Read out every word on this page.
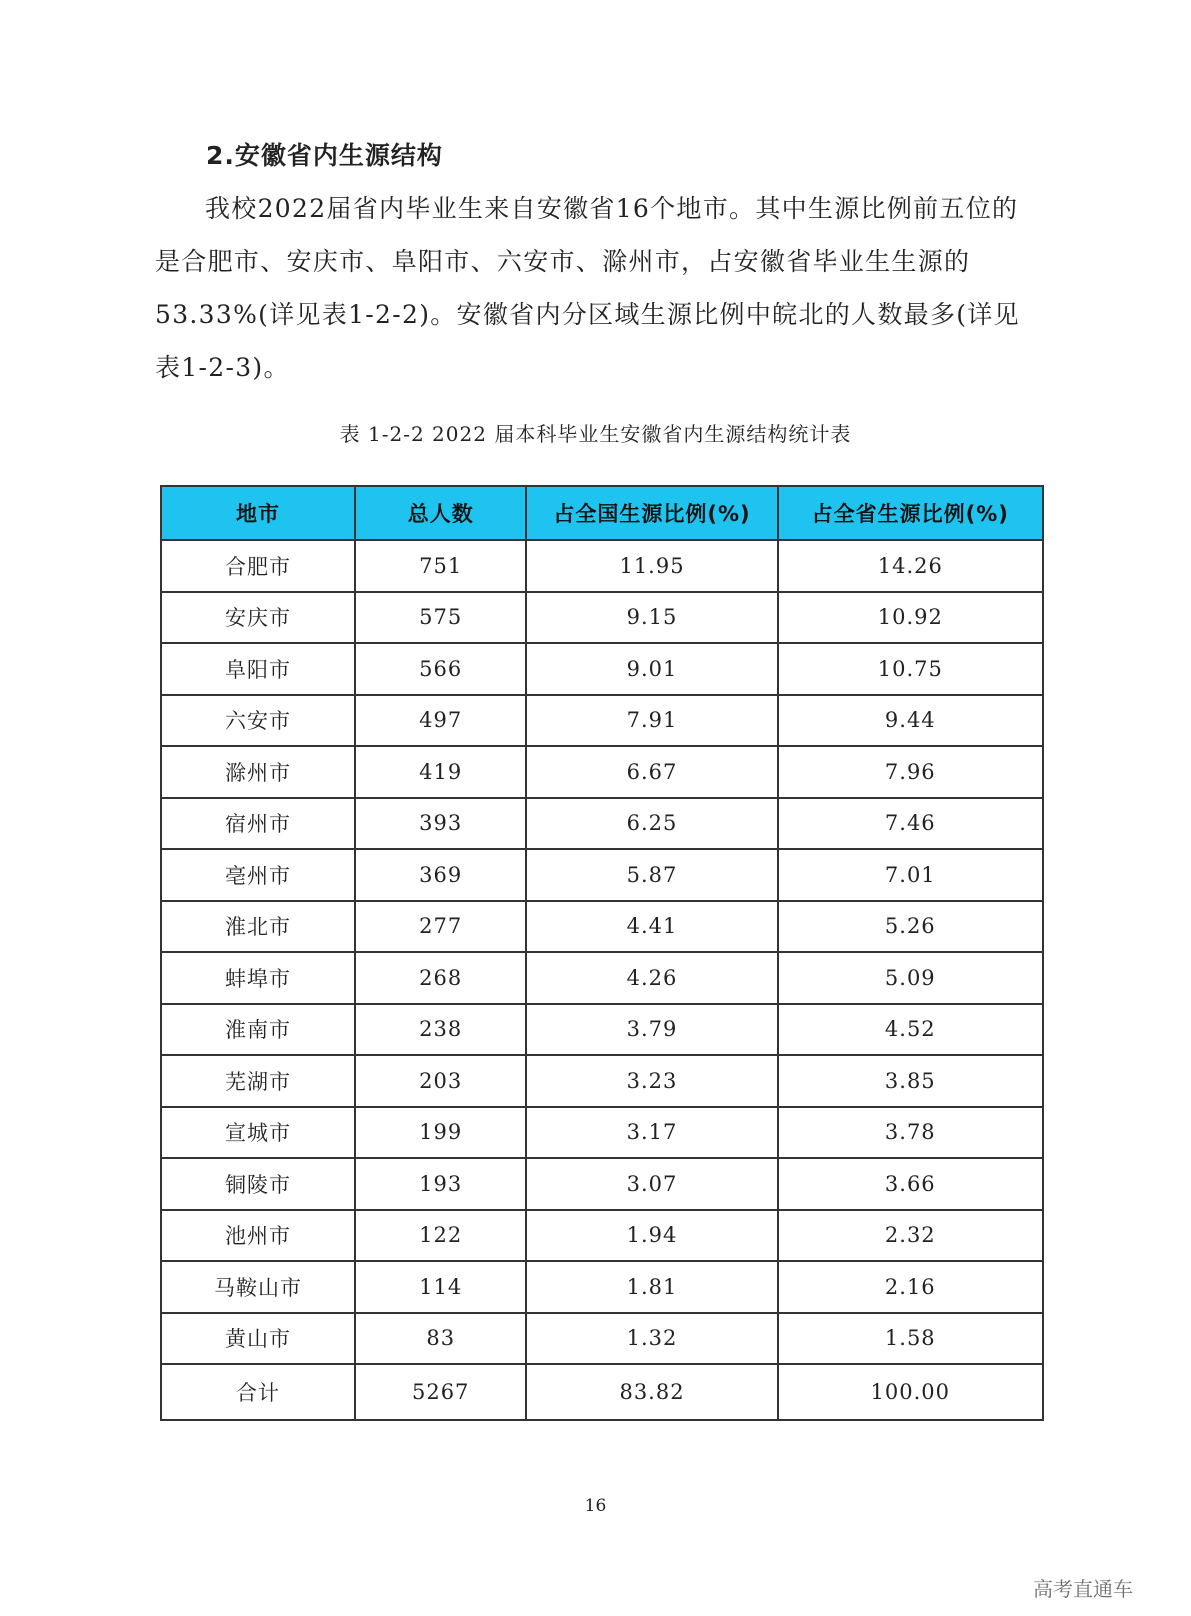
2.安徽省内生源结构

我校2022届省内毕业生来自安徽省16个地市。其中生源比例前五位的是合肥市、安庆市、阜阳市、六安市、滁州市，占安徽省毕业生生源的53.33%(详见表1-2-2)。安徽省内分区域生源比例中皖北的人数最多(详见表1-2-3)。

表 1-2-2 2022 届本科毕业生安徽省内生源结构统计表
地市	总人数	占全国生源比例(%)	占全省生源比例(%)
合肥市	751	11.95	14.26
安庆市	575	9.15	10.92
阜阳市	566	9.01	10.75
六安市	497	7.91	9.44
滁州市	419	6.67	7.96
宿州市	393	6.25	7.46
亳州市	369	5.87	7.01
淮北市	277	4.41	5.26
蚌埠市	268	4.26	5.09
淮南市	238	3.79	4.52
芜湖市	203	3.23	3.85
宣城市	199	3.17	3.78
铜陵市	193	3.07	3.66
池州市	122	1.94	2.32
马鞍山市	114	1.81	2.16
黄山市	83	1.32	1.58
合计	5267	83.82	100.00
16
高考直通车
